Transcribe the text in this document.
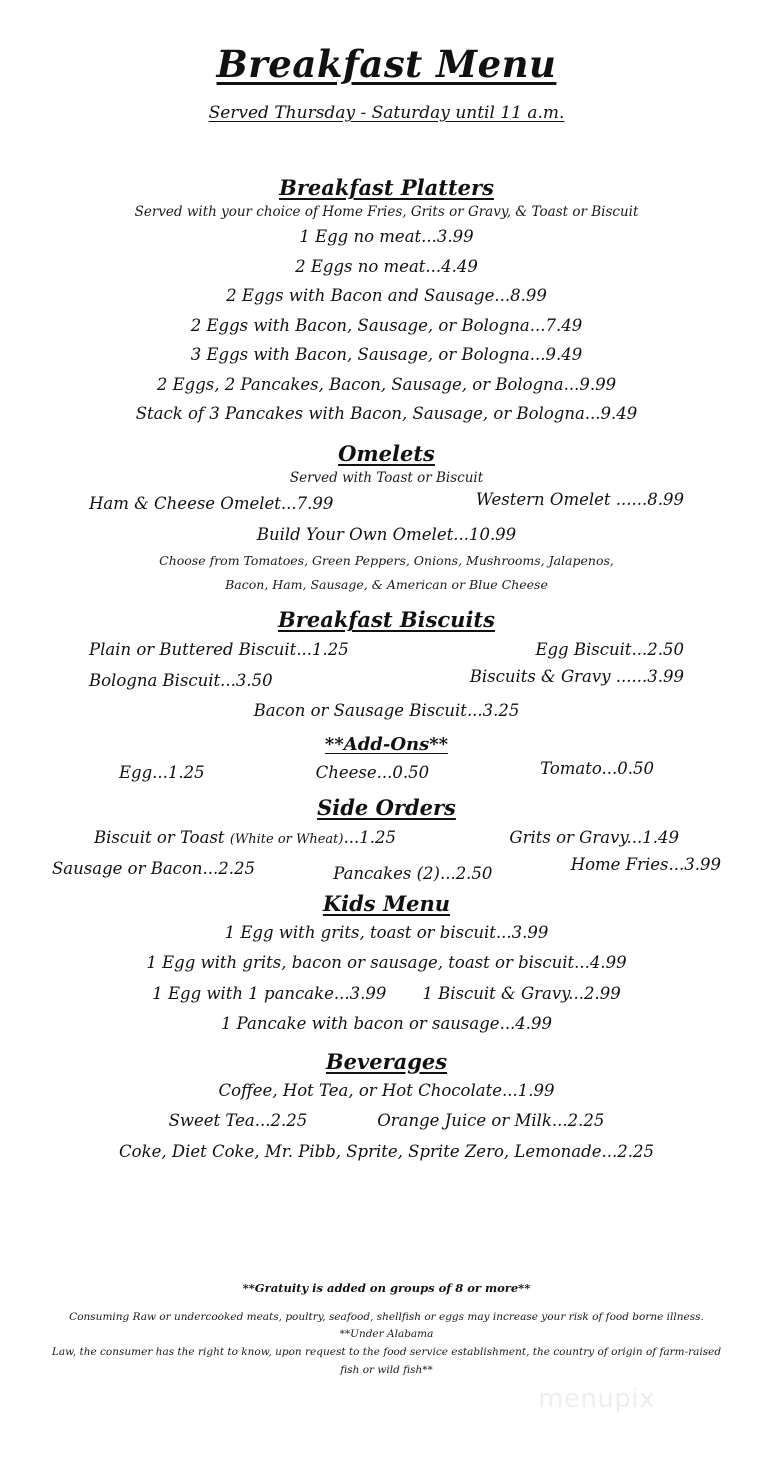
Breakfast Menu
Served Thursday - Saturday until 11 a.m.
Breakfast Platters
Served with your choice of Home Fries, Grits or Gravy, & Toast or Biscuit
1 Egg no meat...3.99
2 Eggs no meat...4.49
2 Eggs with Bacon and Sausage...8.99
2 Eggs with Bacon, Sausage, or Bologna...7.49
3 Eggs with Bacon, Sausage, or Bologna...9.49
2 Eggs, 2 Pancakes, Bacon, Sausage, or Bologna...9.99
Stack of 3 Pancakes with Bacon, Sausage, or Bologna...9.49
Omelets
Served with Toast or Biscuit
Ham & Cheese Omelet...7.99	Western Omelet ......8.99
Build Your Own Omelet...10.99
Choose from Tomatoes, Green Peppers, Onions, Mushrooms, Jalapenos,
Bacon, Ham, Sausage, & American or Blue Cheese
Breakfast Biscuits
Plain or Buttered Biscuit...1.25	Egg Biscuit...2.50
Bologna Biscuit...3.50	Biscuits & Gravy ......3.99
Bacon or Sausage Biscuit...3.25
**Add-Ons**
Egg...1.25	Cheese...0.50	Tomato...0.50
Side Orders
Biscuit or Toast (White or Wheat)...1.25	Grits or Gravy...1.49
Sausage or Bacon...2.25	Pancakes (2)...2.50	Home Fries...3.99
Kids Menu
1 Egg with grits, toast or biscuit...3.99
1 Egg with grits, bacon or sausage, toast or biscuit...4.99
1 Egg with 1 pancake...3.99 1 Biscuit & Gravy...2.99
1 Pancake with bacon or sausage...4.99
Beverages
Coffee, Hot Tea, or Hot Chocolate...1.99
Sweet Tea...2.25	Orange Juice or Milk...2.25
Coke, Diet Coke, Mr. Pibb, Sprite, Sprite Zero, Lemonade...2.25
**Gratuity is added on groups of 8 or more**
Consuming Raw or undercooked meats, poultry, seafood, shellfish or eggs may increase your risk of food borne illness. **Under Alabama
Law, the consumer has the right to know, upon request to the food service establishment, the country of origin of farm-raised fish or wild fish**
menupix
